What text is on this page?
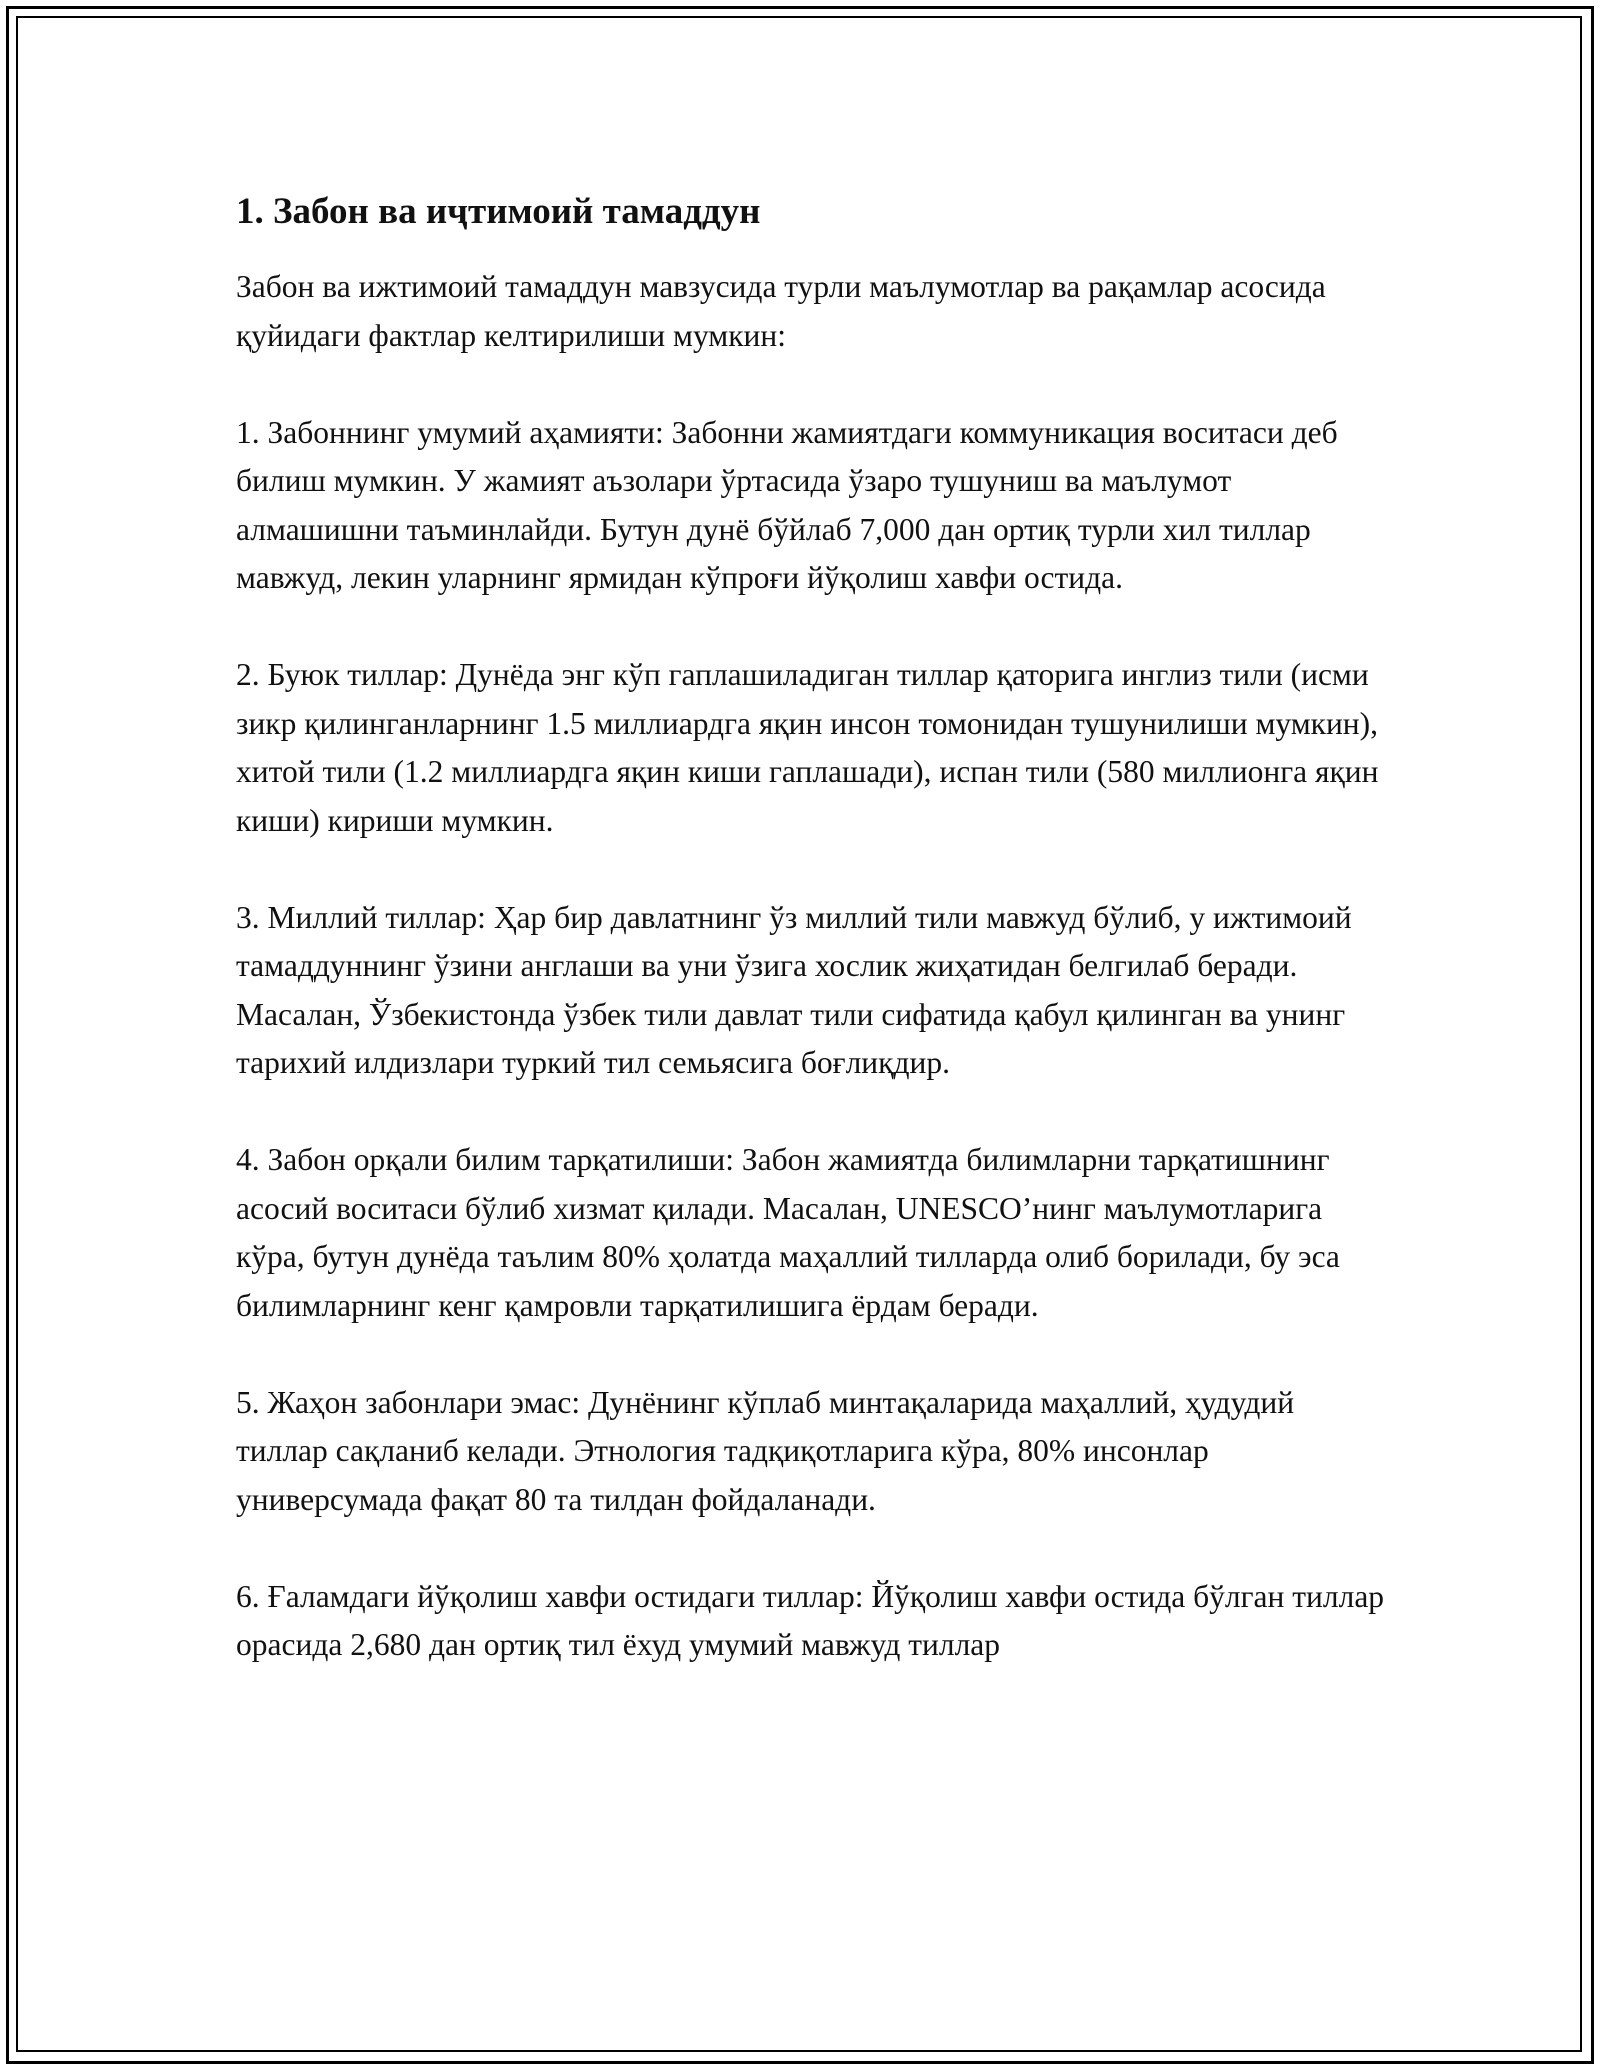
1. Забон ва иҷтимоий тамаддун

Забон ва ижтимоий тамаддун мавзусида турли маълумотлар ва рақамлар асосида қуйидаги фактлар келтирилиши мумкин:

1. Забоннинг умумий аҳамияти: Забонни жамиятдаги коммуникация воситаси деб билиш мумкин. У жамият аъзолари ўртасида ўзаро тушуниш ва маълумот алмашишни таъминлайди. Бутун дунё бўйлаб 7,000 дан ортиқ турли хил тиллар мавжуд, лекин уларнинг ярмидан кўпроғи йўқолиш хавфи остида.

2. Буюк тиллар: Дунёда энг кўп гаплашиладиган тиллар қаторига инглиз тили (исми зикр қилинганларнинг 1.5 миллиардга яқин инсон томонидан тушунилиши мумкин), хитой тили (1.2 миллиардга яқин киши гаплашади), испан тили (580 миллионга яқин киши) кириши мумкин.

3. Миллий тиллар: Ҳар бир давлатнинг ўз миллий тили мавжуд бўлиб, у ижтимоий тамаддуннинг ўзини англаши ва уни ўзига хослик жиҳатидан белгилаб беради. Масалан, Ўзбекистонда ўзбек тили давлат тили сифатида қабул қилинган ва унинг тарихий илдизлари туркий тил семьясига боғлиқдир.

4. Забон орқали билим тарқатилиши: Забон жамиятда билимларни тарқатишнинг асосий воситаси бўлиб хизмат қилади. Масалан, UNESCO’нинг маълумотларига кўра, бутун дунёда таълим 80% ҳолатда маҳаллий тилларда олиб борилади, бу эса билимларнинг кенг қамровли тарқатилишига ёрдам беради.

5. Жаҳон забонлари эмас: Дунёнинг кўплаб минтақаларида маҳаллий, ҳудудий тиллар сақланиб келади. Этнология тадқиқотларига кўра, 80% инсонлар универсумада фақат 80 та тилдан фойдаланади.

6. Ғаламдаги йўқолиш хавфи остидаги тиллар: Йўқолиш хавфи остида бўлган тиллар орасида 2,680 дан ортиқ тил ёхуд умумий мавжуд тиллар
